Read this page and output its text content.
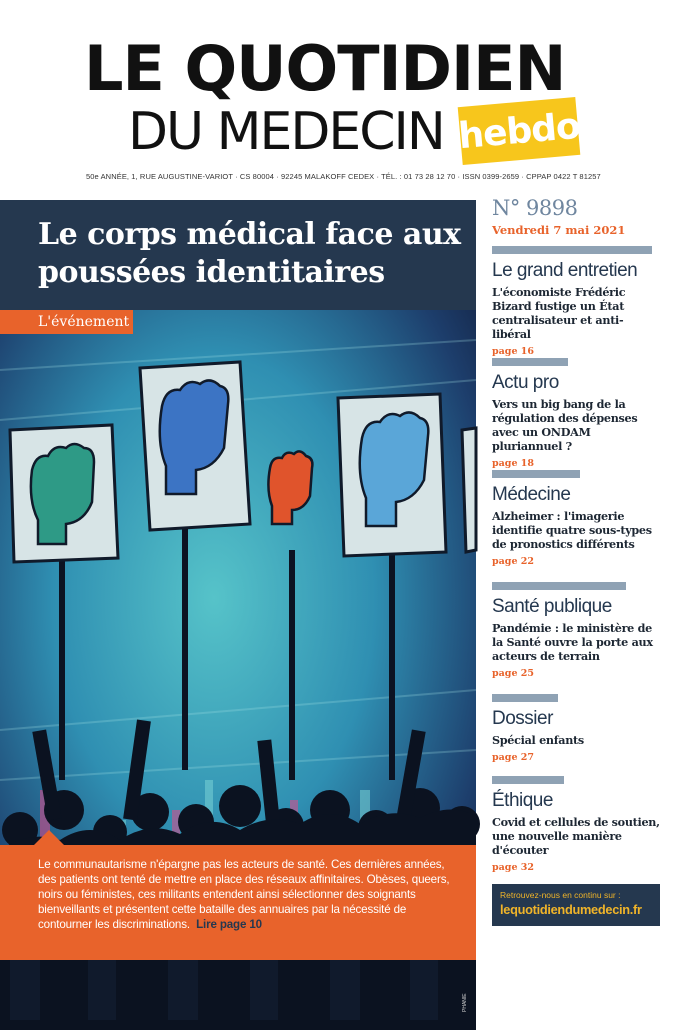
LE QUOTIDIEN
DU MEDECIN hebdo
50e ANNÉE, 1, RUE AUGUSTINE-VARIOT · CS 80004 · 92245 MALAKOFF CEDEX · TÉL. : 01 73 28 12 70 · ISSN 0399-2659 · CPPAP 0422 T 81257
Le corps médical face aux poussées identitaires
L'événement
PHANIE

Le communautarisme n'épargne pas les acteurs de santé. Ces dernières années, des patients ont tenté de mettre en place des réseaux affinitaires. Obèses, queers, noirs ou féministes, ces militants entendent ainsi sélectionner des soignants bienveillants et présentent cette bataille des annuaires par la nécessité de contourner les discriminations. Lire page 10

N° 9898
Vendredi 7 mai 2021
Le grand entretien
L'économiste Frédéric Bizard fustige un État centralisateur et anti-libéral
page 16
Actu pro
Vers un big bang de la régulation des dépenses avec un ONDAM pluriannuel ?
page 18
Médecine
Alzheimer : l'imagerie identifie quatre sous-types de pronostics différents
page 22
Santé publique
Pandémie : le ministère de la Santé ouvre la porte aux acteurs de terrain
page 25
Dossier
Spécial enfants
page 27
Éthique
Covid et cellules de soutien, une nouvelle manière d'écouter
page 32
Retrouvez-nous en continu sur :
lequotidiendumedecin.fr
